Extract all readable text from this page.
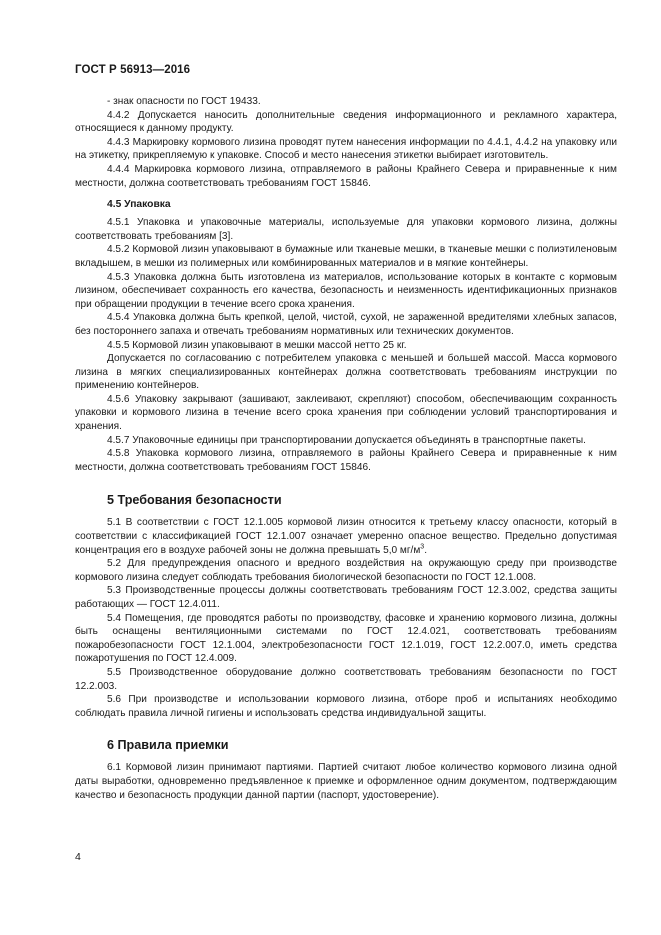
ГОСТ Р 56913—2016

- знак опасности по ГОСТ 19433.

4.4.2 Допускается наносить дополнительные сведения информационного и рекламного характера, относящиеся к данному продукту.

4.4.3 Маркировку кормового лизина проводят путем нанесения информации по 4.4.1, 4.4.2 на упаковку или на этикетку, прикрепляемую к упаковке. Способ и место нанесения этикетки выбирает изготовитель.

4.4.4 Маркировка кормового лизина, отправляемого в районы Крайнего Севера и приравненные к ним местности, должна соответствовать требованиям ГОСТ 15846.

4.5 Упаковка

4.5.1 Упаковка и упаковочные материалы, используемые для упаковки кормового лизина, должны соответствовать требованиям [3].

4.5.2 Кормовой лизин упаковывают в бумажные или тканевые мешки, в тканевые мешки с полиэтиленовым вкладышем, в мешки из полимерных или комбинированных материалов и в мягкие контейнеры.

4.5.3 Упаковка должна быть изготовлена из материалов, использование которых в контакте с кормовым лизином, обеспечивает сохранность его качества, безопасность и неизменность идентификационных признаков при обращении продукции в течение всего срока хранения.

4.5.4 Упаковка должна быть крепкой, целой, чистой, сухой, не зараженной вредителями хлебных запасов, без постороннего запаха и отвечать требованиям нормативных или технических документов.

4.5.5 Кормовой лизин упаковывают в мешки массой нетто 25 кг.

Допускается по согласованию с потребителем упаковка с меньшей и большей массой. Масса кормового лизина в мягких специализированных контейнерах должна соответствовать требованиям инструкции по применению контейнеров.

4.5.6 Упаковку закрывают (зашивают, заклеивают, скрепляют) способом, обеспечивающим сохранность упаковки и кормового лизина в течение всего срока хранения при соблюдении условий транспортирования и хранения.

4.5.7 Упаковочные единицы при транспортировании допускается объединять в транспортные пакеты.

4.5.8 Упаковка кормового лизина, отправляемого в районы Крайнего Севера и приравненные к ним местности, должна соответствовать требованиям ГОСТ 15846.

5 Требования безопасности

5.1 В соответствии с ГОСТ 12.1.005 кормовой лизин относится к третьему классу опасности, который в соответствии с классификацией ГОСТ 12.1.007 означает умеренно опасное вещество. Предельно допустимая концентрация его в воздухе рабочей зоны не должна превышать 5,0 $мг/м^3$.

5.2 Для предупреждения опасного и вредного воздействия на окружающую среду при производстве кормового лизина следует соблюдать требования биологической безопасности по ГОСТ 12.1.008.

5.3 Производственные процессы должны соответствовать требованиям ГОСТ 12.3.002, средства защиты работающих — ГОСТ 12.4.011.

5.4 Помещения, где проводятся работы по производству, фасовке и хранению кормового лизина, должны быть оснащены вентиляционными системами по ГОСТ 12.4.021, соответствовать требованиям пожаробезопасности ГОСТ 12.1.004, электробезопасности ГОСТ 12.1.019, ГОСТ 12.2.007.0, иметь средства пожаротушения по ГОСТ 12.4.009.

5.5 Производственное оборудование должно соответствовать требованиям безопасности по ГОСТ 12.2.003.

5.6 При производстве и использовании кормового лизина, отборе проб и испытаниях необходимо соблюдать правила личной гигиены и использовать средства индивидуальной защиты.

6 Правила приемки

6.1 Кормовой лизин принимают партиями. Партией считают любое количество кормового лизина одной даты выработки, одновременно предъявленное к приемке и оформленное одним документом, подтверждающим качество и безопасность продукции данной партии (паспорт, удостоверение).

4
